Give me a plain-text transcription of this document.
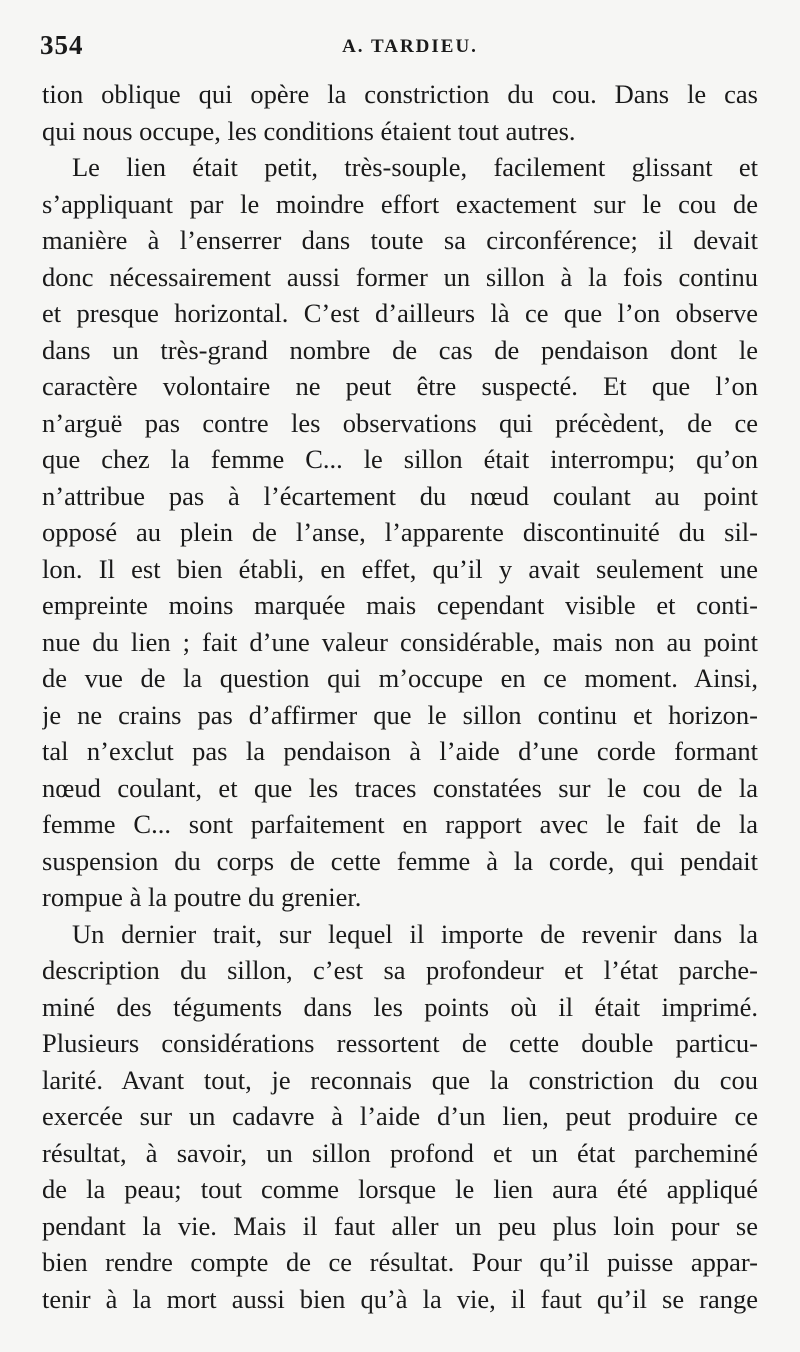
354	A. TARDIEU.
tion oblique qui opère la constriction du cou. Dans le cas
qui nous occupe, les conditions étaient tout autres.
Le lien était petit, très-souple, facilement glissant et
s’appliquant par le moindre effort exactement sur le cou de
manière à l’enserrer dans toute sa circonférence; il devait
donc nécessairement aussi former un sillon à la fois continu
et presque horizontal. C’est d’ailleurs là ce que l’on observe
dans un très-grand nombre de cas de pendaison dont le
caractère volontaire ne peut être suspecté. Et que l’on
n’arguë pas contre les observations qui précèdent, de ce
que chez la femme C... le sillon était interrompu; qu’on
n’attribue pas à l’écartement du nœud coulant au point
opposé au plein de l’anse, l’apparente discontinuité du sil-
lon. Il est bien établi, en effet, qu’il y avait seulement une
empreinte moins marquée mais cependant visible et conti-
nue du lien ; fait d’une valeur considérable, mais non au point
de vue de la question qui m’occupe en ce moment. Ainsi,
je ne crains pas d’affirmer que le sillon continu et horizon-
tal n’exclut pas la pendaison à l’aide d’une corde formant
nœud coulant, et que les traces constatées sur le cou de la
femme C... sont parfaitement en rapport avec le fait de la
suspension du corps de cette femme à la corde, qui pendait
rompue à la poutre du grenier.
Un dernier trait, sur lequel il importe de revenir dans la
description du sillon, c’est sa profondeur et l’état parche-
miné des téguments dans les points où il était imprimé.
Plusieurs considérations ressortent de cette double particu-
larité. Avant tout, je reconnais que la constriction du cou
exercée sur un cadavre à l’aide d’un lien, peut produire ce
résultat, à savoir, un sillon profond et un état parcheminé
de la peau; tout comme lorsque le lien aura été appliqué
pendant la vie. Mais il faut aller un peu plus loin pour se
bien rendre compte de ce résultat. Pour qu’il puisse appar-
tenir à la mort aussi bien qu’à la vie, il faut qu’il se range
